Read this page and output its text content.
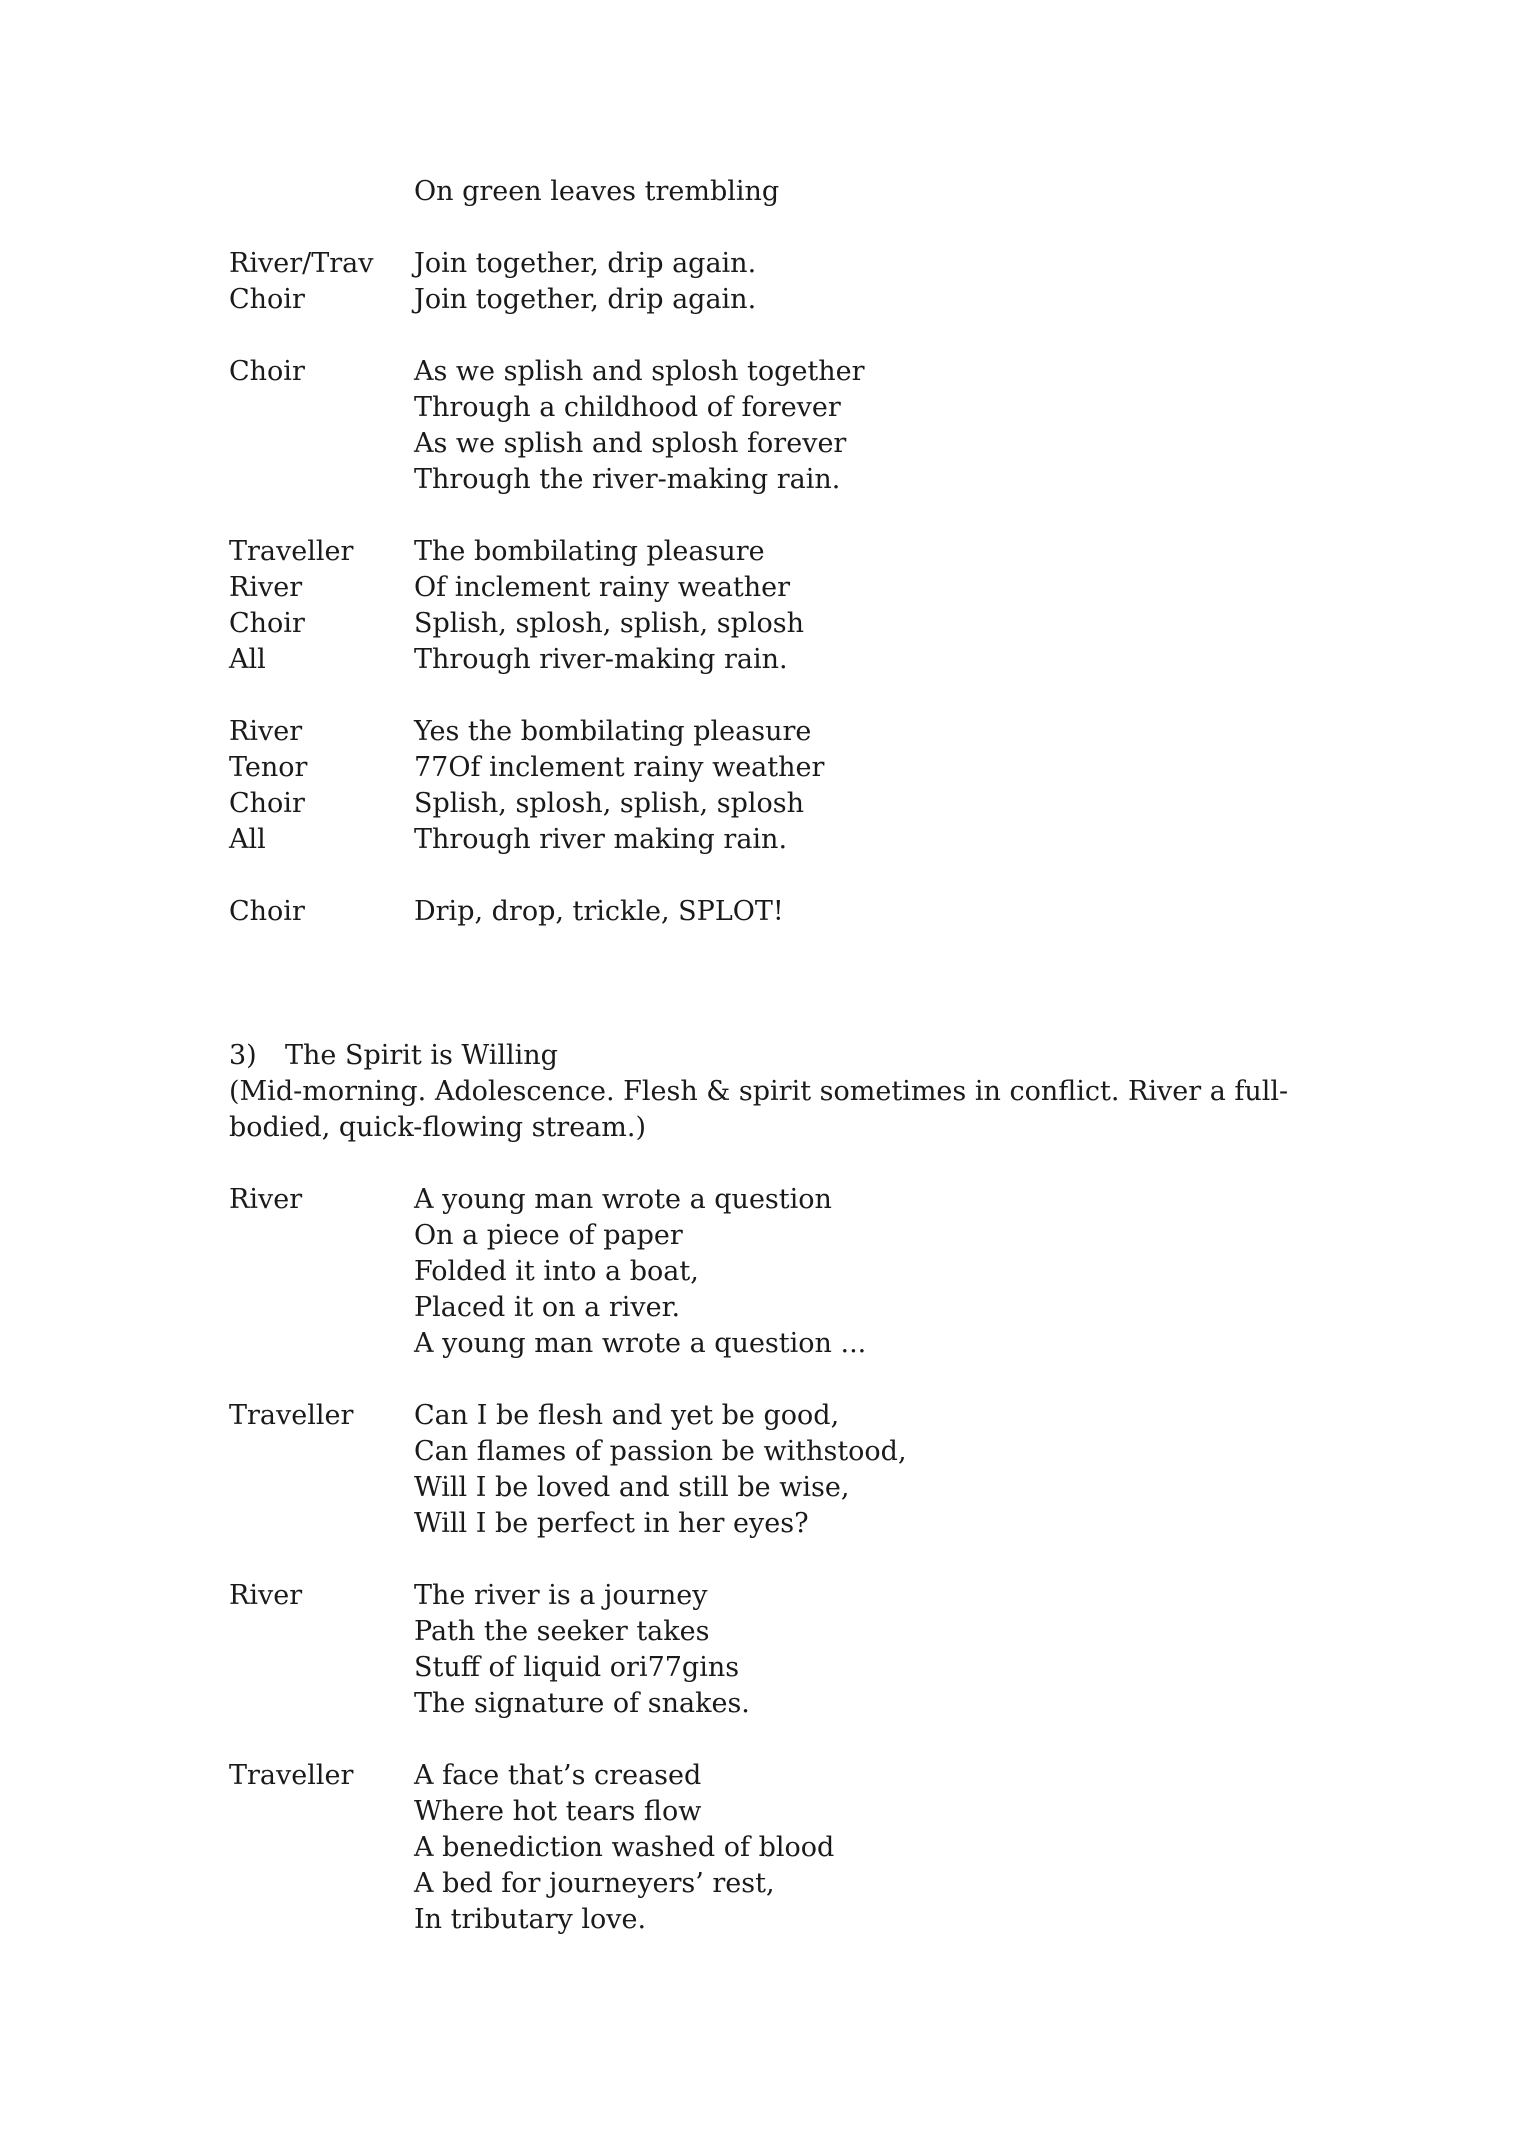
On green leaves trembling
River/Trav Join together, drip again.
Choir	Join together, drip again.
Choir	As we splish and splosh together
Through a childhood of forever
As we splish and splosh forever
Through the river-making rain.
Traveller The bombilating pleasure
River	Of inclement rainy weather
Choir	Splish, splosh, splish, splosh
All	Through river-making rain.
River	Yes the bombilating pleasure
Tenor	77Of inclement rainy weather
Choir	Splish, splosh, splish, splosh
All	Through river making rain.
Choir	Drip, drop, trickle, SPLOT!
3) The Spirit is Willing
(Mid-morning. Adolescence. Flesh & spirit sometimes in conflict. River a full-
bodied, quick-flowing stream.)
River	A young man wrote a question
On a piece of paper
Folded it into a boat,
Placed it on a river.
A young man wrote a question ...
Traveller Can I be flesh and yet be good,
Can flames of passion be withstood,
Will I be loved and still be wise,
Will I be perfect in her eyes?
River	The river is a journey
Path the seeker takes
Stuff of liquid ori77gins
The signature of snakes.
Traveller A face that’s creased
Where hot tears flow
A benediction washed of blood
A bed for journeyers’ rest,
In tributary love.
